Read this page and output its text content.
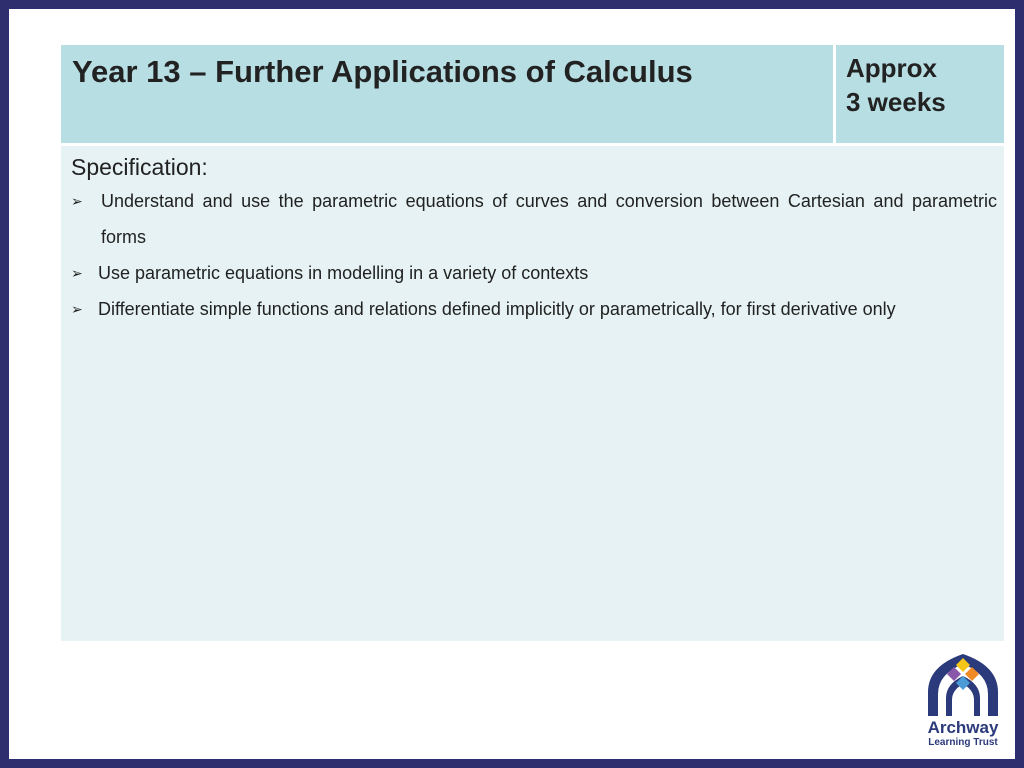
Year 13 – Further Applications of Calculus	Approx
3 weeks
Specification:
➢ Understand and use the parametric equations of curves and conversion between Cartesian and parametric forms
➢ Use parametric equations in modelling in a variety of contexts
➢ Differentiate simple functions and relations defined implicitly or parametrically, for first derivative only
Archway
Learning Trust
